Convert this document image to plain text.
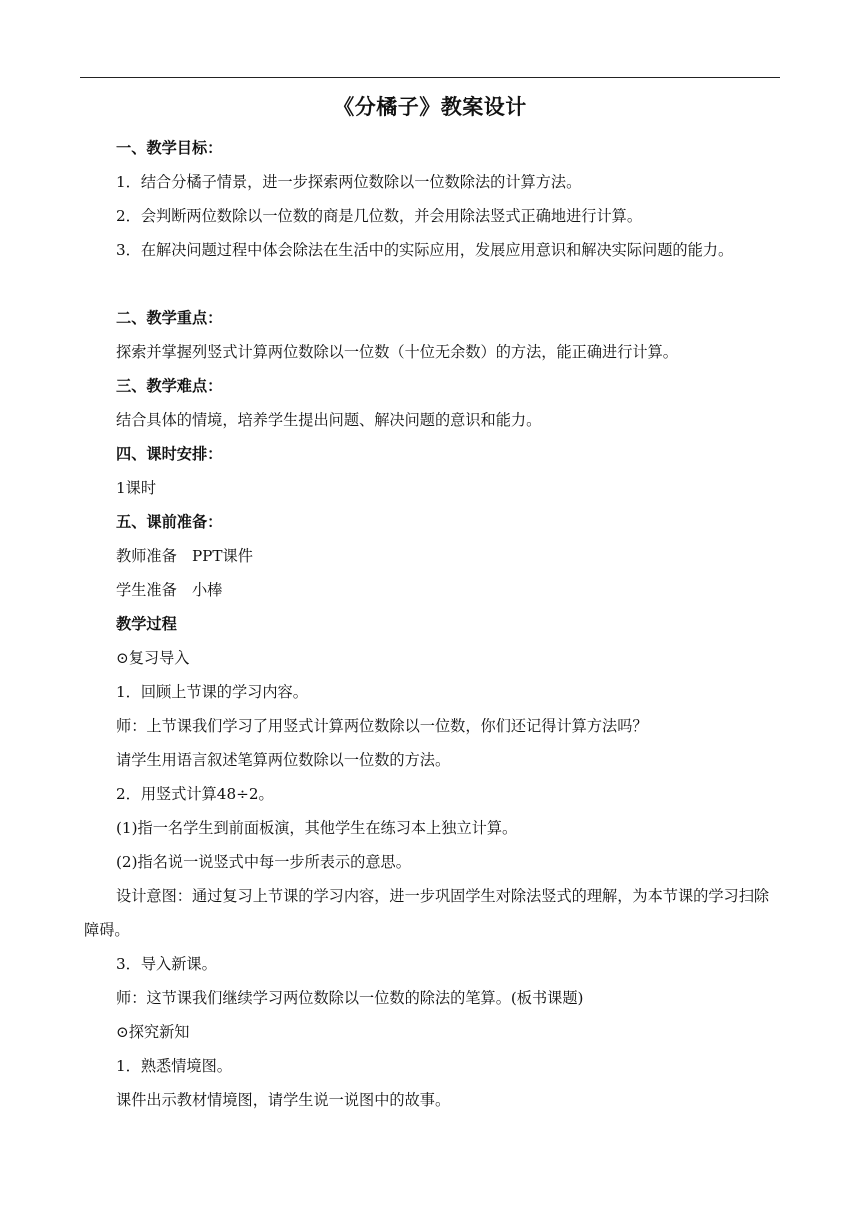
《分橘子》教案设计
一、教学目标：
1．结合分橘子情景，进一步探索两位数除以一位数除法的计算方法。
2．会判断两位数除以一位数的商是几位数，并会用除法竖式正确地进行计算。
3．在解决问题过程中体会除法在生活中的实际应用，发展应用意识和解决实际问题的能力。
二、教学重点：
探索并掌握列竖式计算两位数除以一位数（十位无余数）的方法，能正确进行计算。
三、教学难点：
结合具体的情境，培养学生提出问题、解决问题的意识和能力。
四、课时安排：
1课时
五、课前准备：
教师准备　PPT课件
学生准备　小棒
教学过程
⊙复习导入
1．回顾上节课的学习内容。
师：上节课我们学习了用竖式计算两位数除以一位数，你们还记得计算方法吗？
请学生用语言叙述笔算两位数除以一位数的方法。
2．用竖式计算48÷2。
(1)指一名学生到前面板演，其他学生在练习本上独立计算。
(2)指名说一说竖式中每一步所表示的意思。
设计意图：通过复习上节课的学习内容，进一步巩固学生对除法竖式的理解，为本节课的学习扫除障碍。
3．导入新课。
师：这节课我们继续学习两位数除以一位数的除法的笔算。(板书课题)
⊙探究新知
1．熟悉情境图。
课件出示教材情境图，请学生说一说图中的故事。
